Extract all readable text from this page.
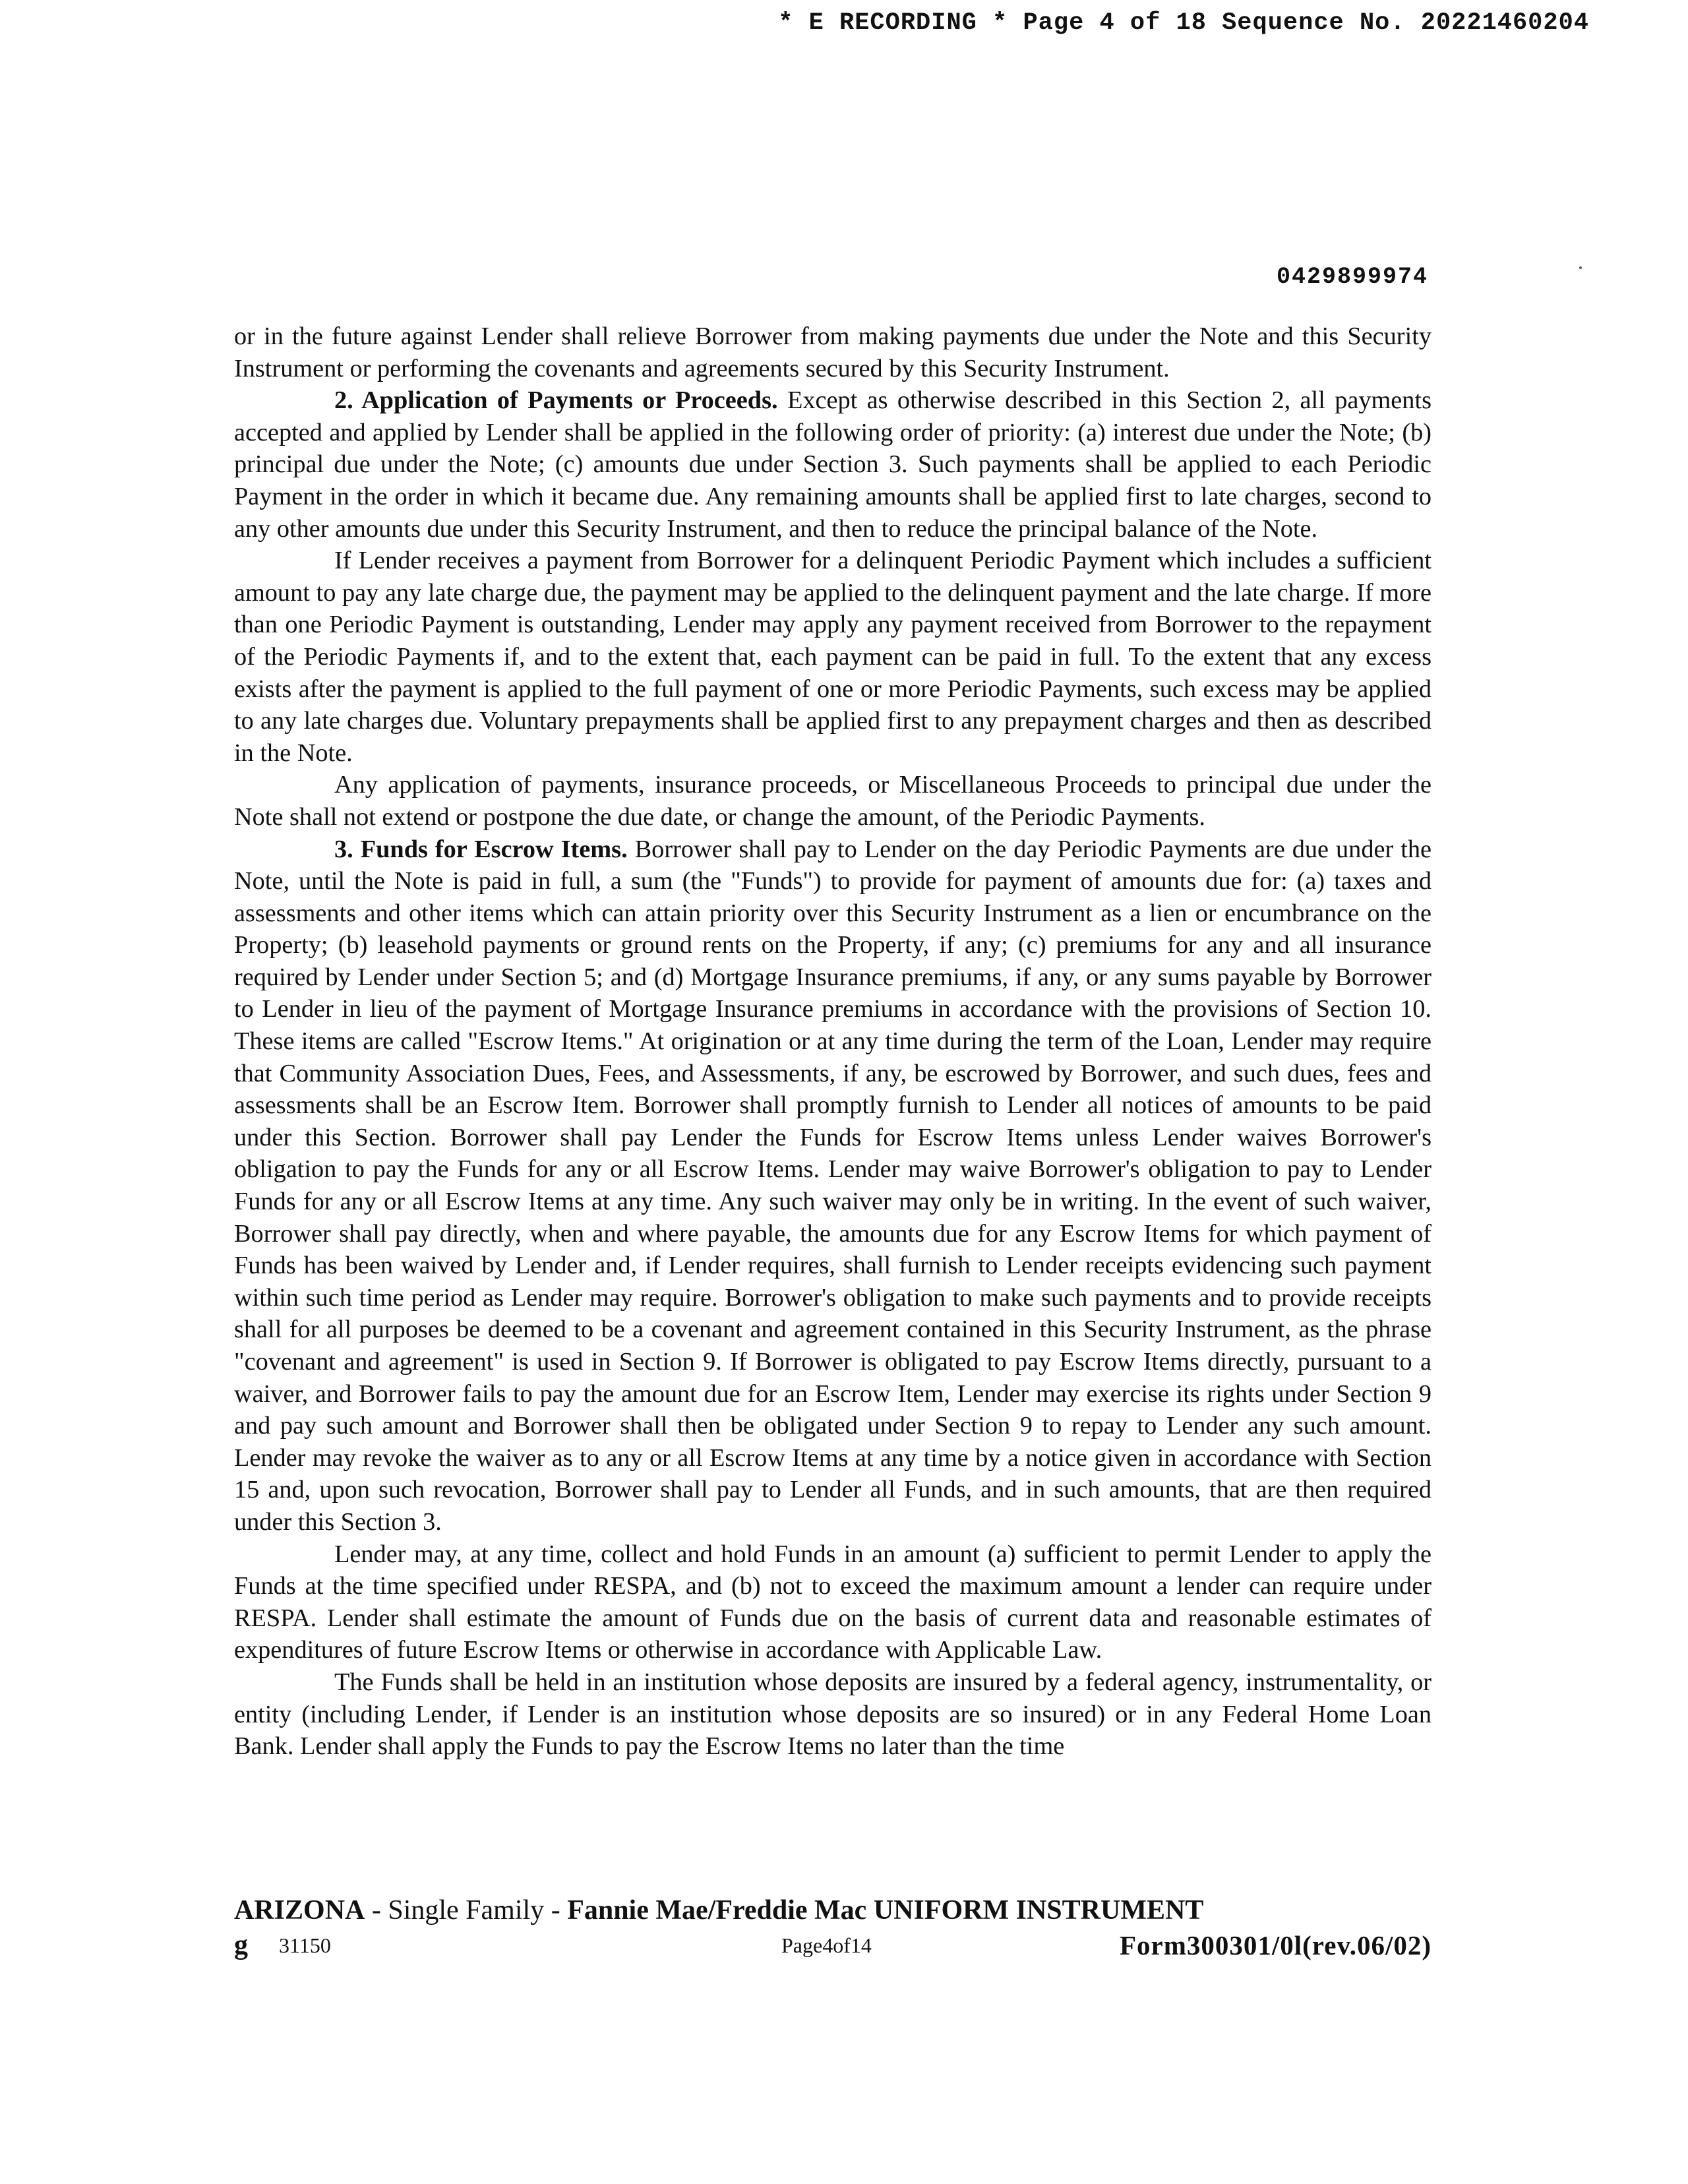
* E RECORDING * Page 4 of 18 Sequence No. 20221460204
0429899974

or in the future against Lender shall relieve Borrower from making payments due under the Note and this Security Instrument or performing the covenants and agreements secured by this Security Instrument.

2. Application of Payments or Proceeds. Except as otherwise described in this Section 2, all payments accepted and applied by Lender shall be applied in the following order of priority: (a) interest due under the Note; (b) principal due under the Note; (c) amounts due under Section 3. Such payments shall be applied to each Periodic Payment in the order in which it became due. Any remaining amounts shall be applied first to late charges, second to any other amounts due under this Security Instrument, and then to reduce the principal balance of the Note.

If Lender receives a payment from Borrower for a delinquent Periodic Payment which includes a sufficient amount to pay any late charge due, the payment may be applied to the delinquent payment and the late charge. If more than one Periodic Payment is outstanding, Lender may apply any payment received from Borrower to the repayment of the Periodic Payments if, and to the extent that, each payment can be paid in full. To the extent that any excess exists after the payment is applied to the full payment of one or more Periodic Payments, such excess may be applied to any late charges due. Voluntary prepayments shall be applied first to any prepayment charges and then as described in the Note.

Any application of payments, insurance proceeds, or Miscellaneous Proceeds to principal due under the Note shall not extend or postpone the due date, or change the amount, of the Periodic Payments.

3. Funds for Escrow Items. Borrower shall pay to Lender on the day Periodic Payments are due under the Note, until the Note is paid in full, a sum (the "Funds") to provide for payment of amounts due for: (a) taxes and assessments and other items which can attain priority over this Security Instrument as a lien or encumbrance on the Property; (b) leasehold payments or ground rents on the Property, if any; (c) premiums for any and all insurance required by Lender under Section 5; and (d) Mortgage Insurance premiums, if any, or any sums payable by Borrower to Lender in lieu of the payment of Mortgage Insurance premiums in accordance with the provisions of Section 10. These items are called "Escrow Items." At origination or at any time during the term of the Loan, Lender may require that Community Association Dues, Fees, and Assessments, if any, be escrowed by Borrower, and such dues, fees and assessments shall be an Escrow Item. Borrower shall promptly furnish to Lender all notices of amounts to be paid under this Section. Borrower shall pay Lender the Funds for Escrow Items unless Lender waives Borrower's obligation to pay the Funds for any or all Escrow Items. Lender may waive Borrower's obligation to pay to Lender Funds for any or all Escrow Items at any time. Any such waiver may only be in writing. In the event of such waiver, Borrower shall pay directly, when and where payable, the amounts due for any Escrow Items for which payment of Funds has been waived by Lender and, if Lender requires, shall furnish to Lender receipts evidencing such payment within such time period as Lender may require. Borrower's obligation to make such payments and to provide receipts shall for all purposes be deemed to be a covenant and agreement contained in this Security Instrument, as the phrase "covenant and agreement" is used in Section 9. If Borrower is obligated to pay Escrow Items directly, pursuant to a waiver, and Borrower fails to pay the amount due for an Escrow Item, Lender may exercise its rights under Section 9 and pay such amount and Borrower shall then be obligated under Section 9 to repay to Lender any such amount. Lender may revoke the waiver as to any or all Escrow Items at any time by a notice given in accordance with Section 15 and, upon such revocation, Borrower shall pay to Lender all Funds, and in such amounts, that are then required under this Section 3.

Lender may, at any time, collect and hold Funds in an amount (a) sufficient to permit Lender to apply the Funds at the time specified under RESPA, and (b) not to exceed the maximum amount a lender can require under RESPA. Lender shall estimate the amount of Funds due on the basis of current data and reasonable estimates of expenditures of future Escrow Items or otherwise in accordance with Applicable Law.

The Funds shall be held in an institution whose deposits are insured by a federal agency, instrumentality, or entity (including Lender, if Lender is an institution whose deposits are so insured) or in any Federal Home Loan Bank. Lender shall apply the Funds to pay the Escrow Items no later than the time

ARIZONA - Single Family - Fannie Mae/Freddie Mac UNIFORM INSTRUMENT
g 31150	Page4of14	Form300301/0l(rev.06/02)
